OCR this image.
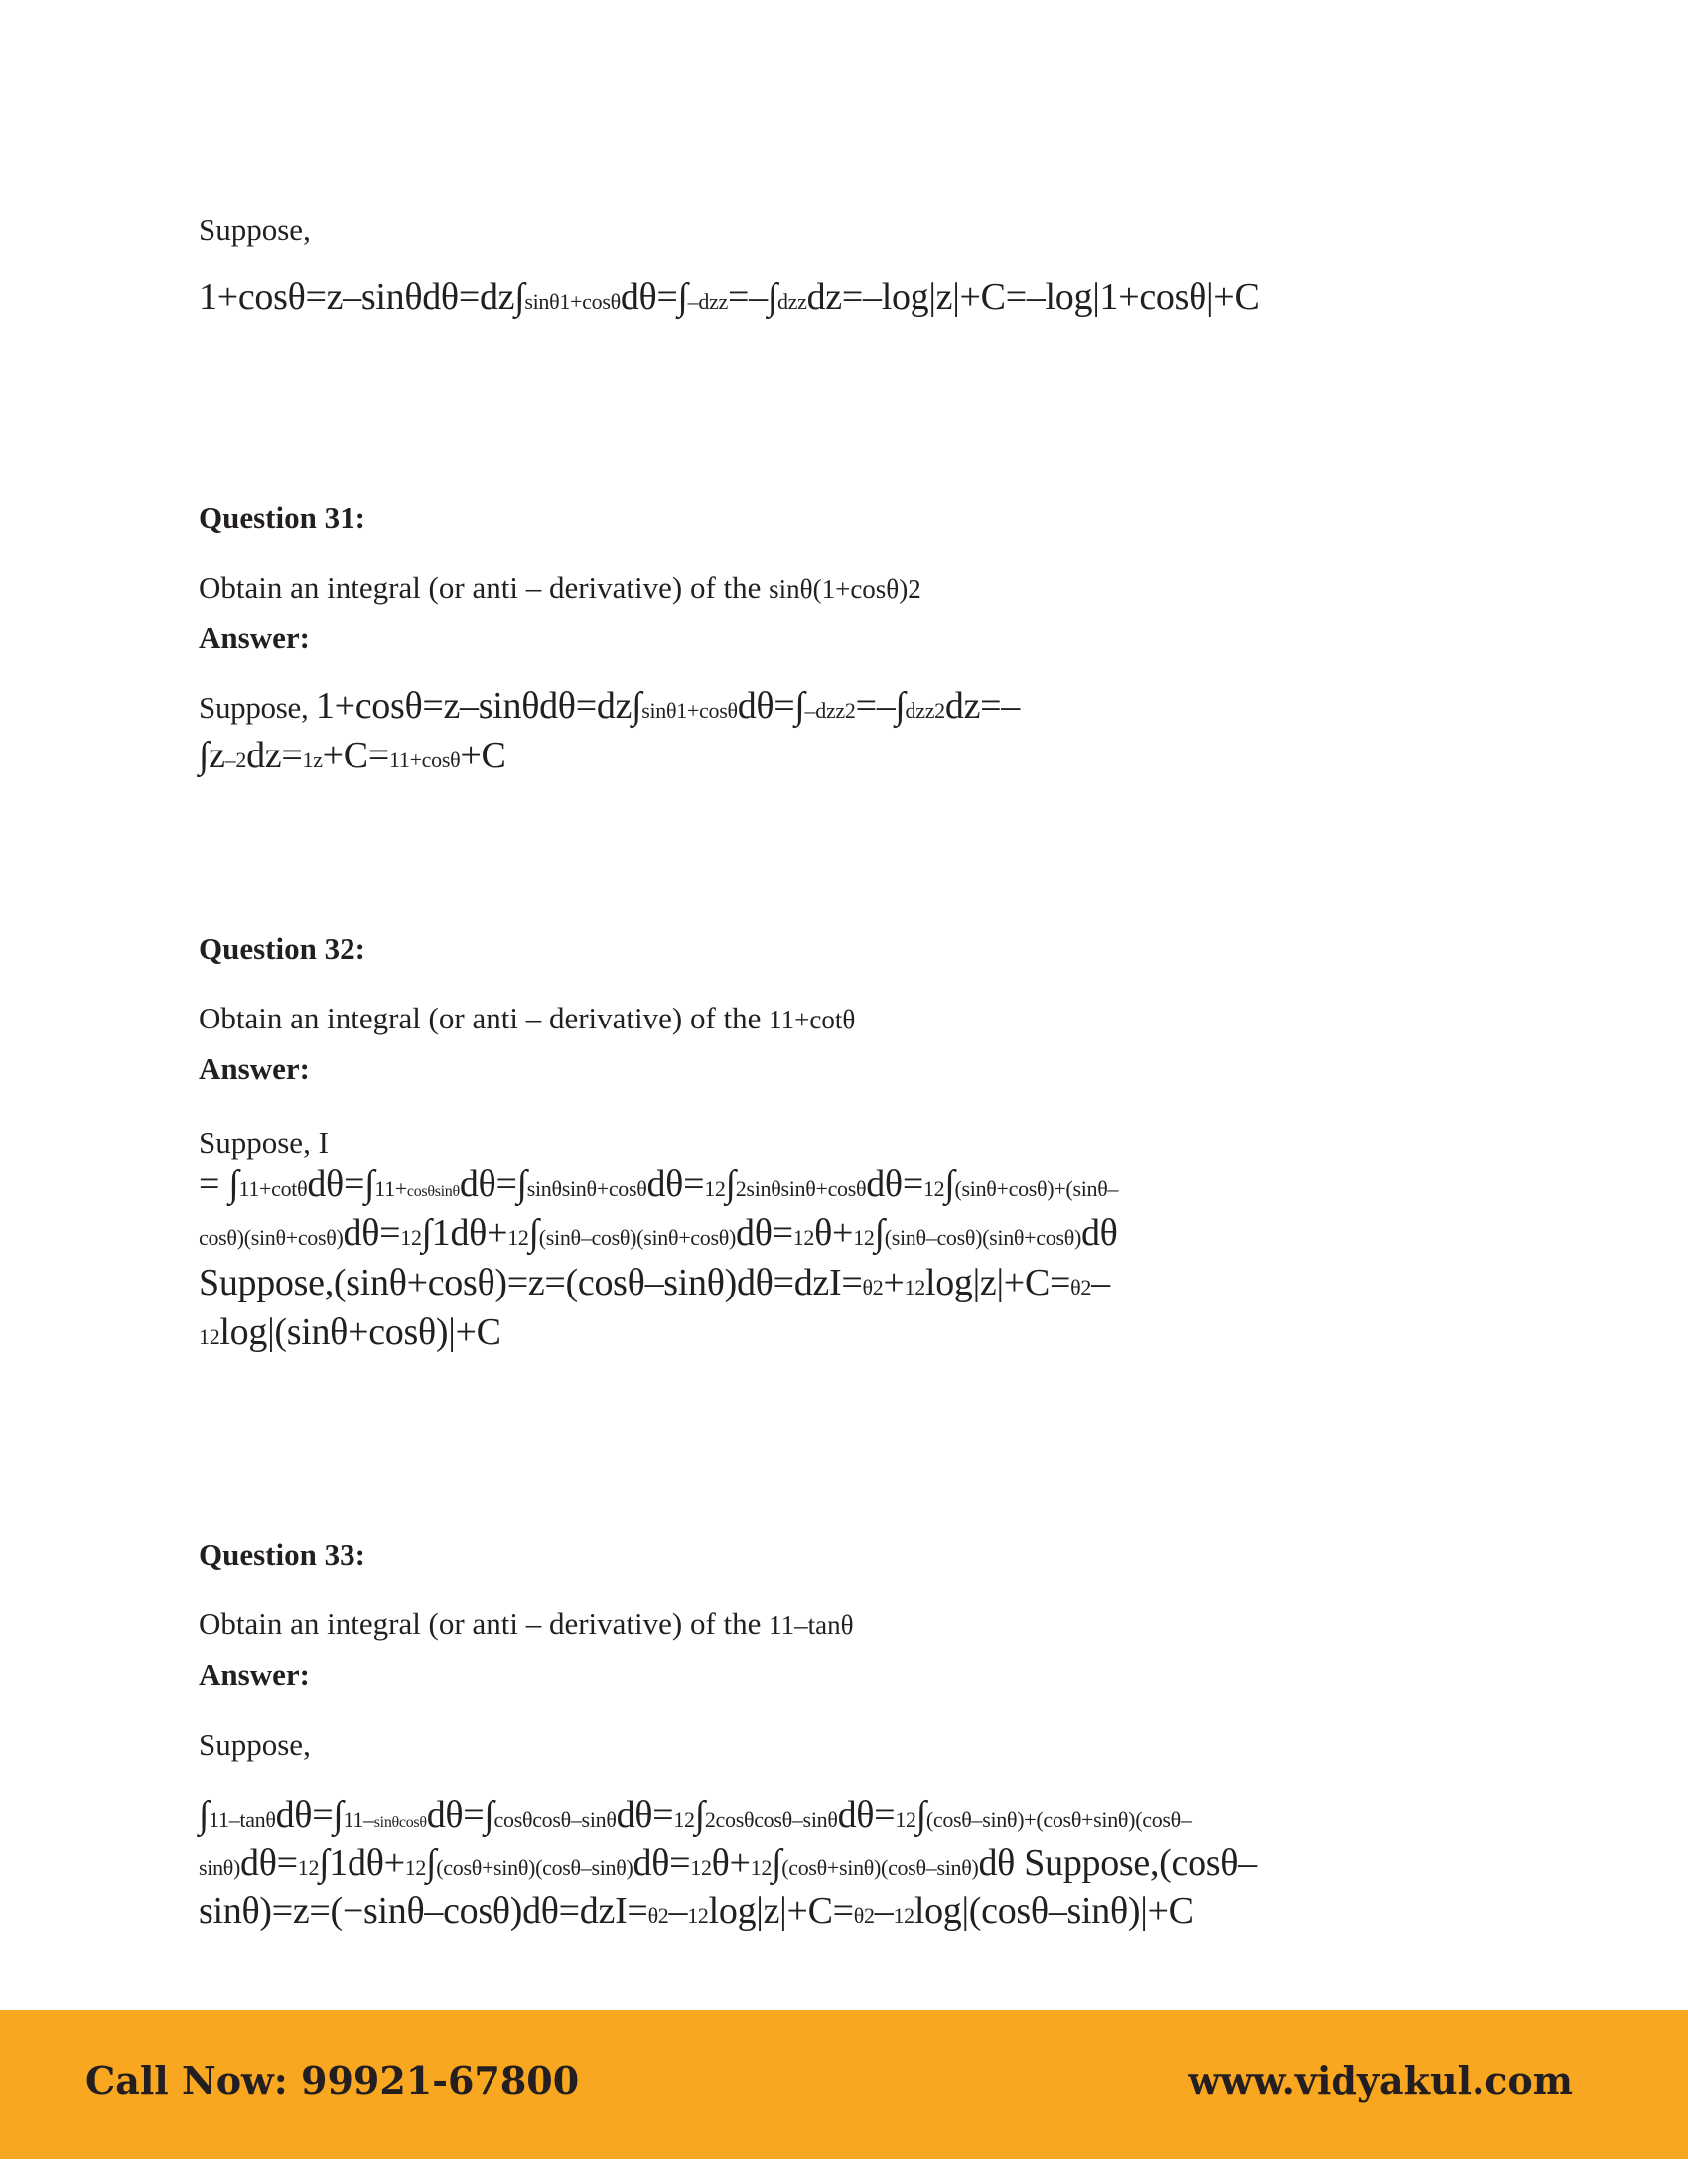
Suppose,
1+cosθ=z–sinθdθ=dz∫sinθ1+cosθdθ=∫–dzz=–∫dzzdz=–log|z|+C=–log|1+cosθ|+C
Question 31:
Obtain an integral (or anti – derivative) of the sinθ(1+cosθ)2
Answer:
Suppose, 1+cosθ=z–sinθdθ=dz∫sinθ1+cosθdθ=∫–dzz2=–∫dzz2dz=–
∫z–2dz=1z+C=11+cosθ+C
Question 32:
Obtain an integral (or anti – derivative) of the 11+cotθ
Answer:
Suppose, I
= ∫11+cotθdθ=∫11+cosθsinθdθ=∫sinθsinθ+cosθdθ=12∫2sinθsinθ+cosθdθ=12∫(sinθ+cosθ)+(sinθ–
cosθ)(sinθ+cosθ)dθ=12∫1dθ+12∫(sinθ–cosθ)(sinθ+cosθ)dθ=12θ+12∫(sinθ–cosθ)(sinθ+cosθ)dθ
Suppose,(sinθ+cosθ)=z=(cosθ–sinθ)dθ=dzI=θ2+12log|z|+C=θ2–
12log|(sinθ+cosθ)|+C
Question 33:
Obtain an integral (or anti – derivative) of the 11–tanθ
Answer:
Suppose,
∫11–tanθdθ=∫11–sinθcosθdθ=∫cosθcosθ–sinθdθ=12∫2cosθcosθ–sinθdθ=12∫(cosθ–sinθ)+(cosθ+sinθ)(cosθ–
sinθ)dθ=12∫1dθ+12∫(cosθ+sinθ)(cosθ–sinθ)dθ=12θ+12∫(cosθ+sinθ)(cosθ–sinθ)dθ Suppose,(cosθ–
sinθ)=z=(−sinθ–cosθ)dθ=dzI=θ2–12log|z|+C=θ2–12log|(cosθ–sinθ)|+C
Call Now: 99921-67800	www.vidyakul.com
